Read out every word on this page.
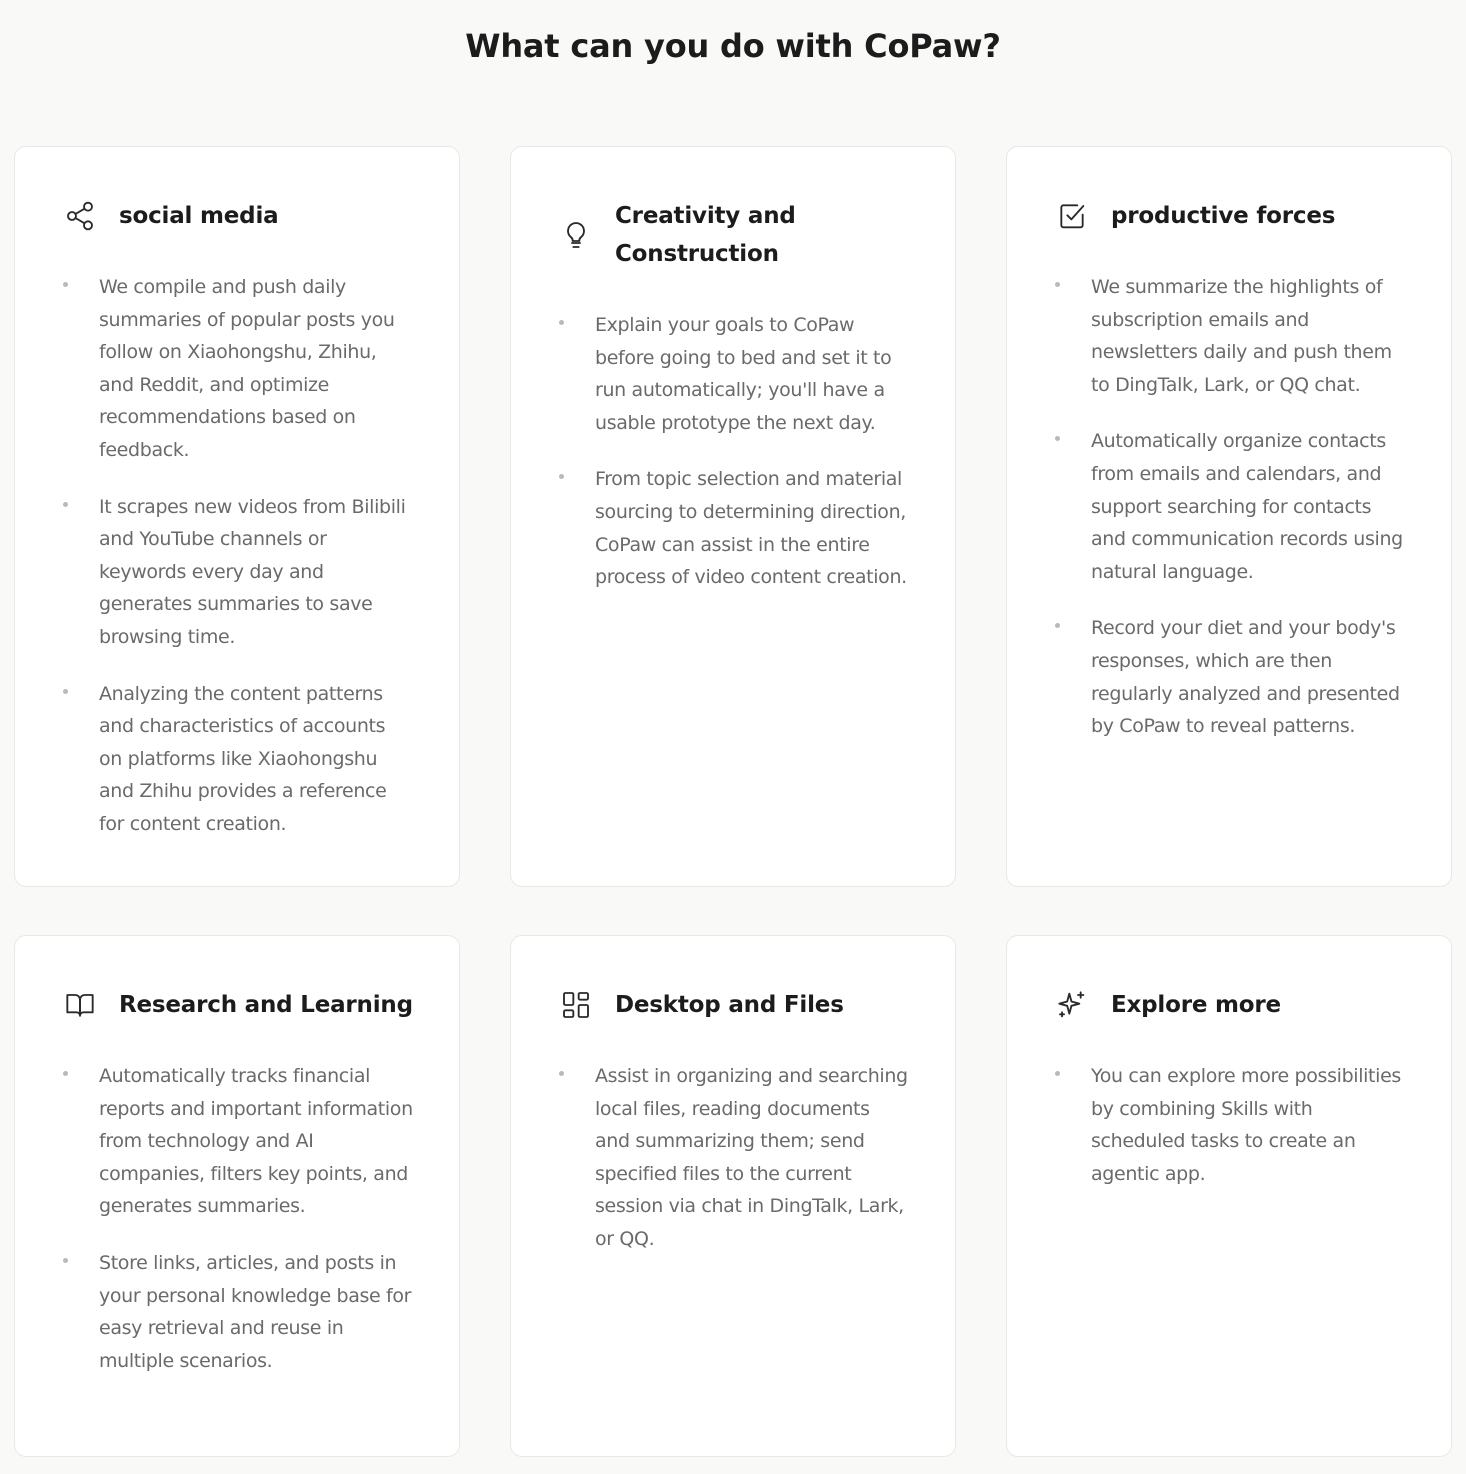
What can you do with CoPaw?
social media
We compile and push daily summaries of popular posts you follow on Xiaohongshu, Zhihu, and Reddit, and optimize recommendations based on feedback.
It scrapes new videos from Bilibili and YouTube channels or keywords every day and generates summaries to save browsing time.
Analyzing the content patterns and characteristics of accounts on platforms like Xiaohongshu and Zhihu provides a reference for content creation.
Creativity and Construction
Explain your goals to CoPaw before going to bed and set it to run automatically; you'll have a usable prototype the next day.
From topic selection and material sourcing to determining direction, CoPaw can assist in the entire process of video content creation.
productive forces
We summarize the highlights of subscription emails and newsletters daily and push them to DingTalk, Lark, or QQ chat.
Automatically organize contacts from emails and calendars, and support searching for contacts and communication records using natural language.
Record your diet and your body's responses, which are then regularly analyzed and presented by CoPaw to reveal patterns.
Research and Learning
Automatically tracks financial reports and important information from technology and AI companies, filters key points, and generates summaries.
Store links, articles, and posts in your personal knowledge base for easy retrieval and reuse in multiple scenarios.
Desktop and Files
Assist in organizing and searching local files, reading documents and summarizing them; send specified files to the current session via chat in DingTalk, Lark, or QQ.
Explore more
You can explore more possibilities by combining Skills with scheduled tasks to create an agentic app.
